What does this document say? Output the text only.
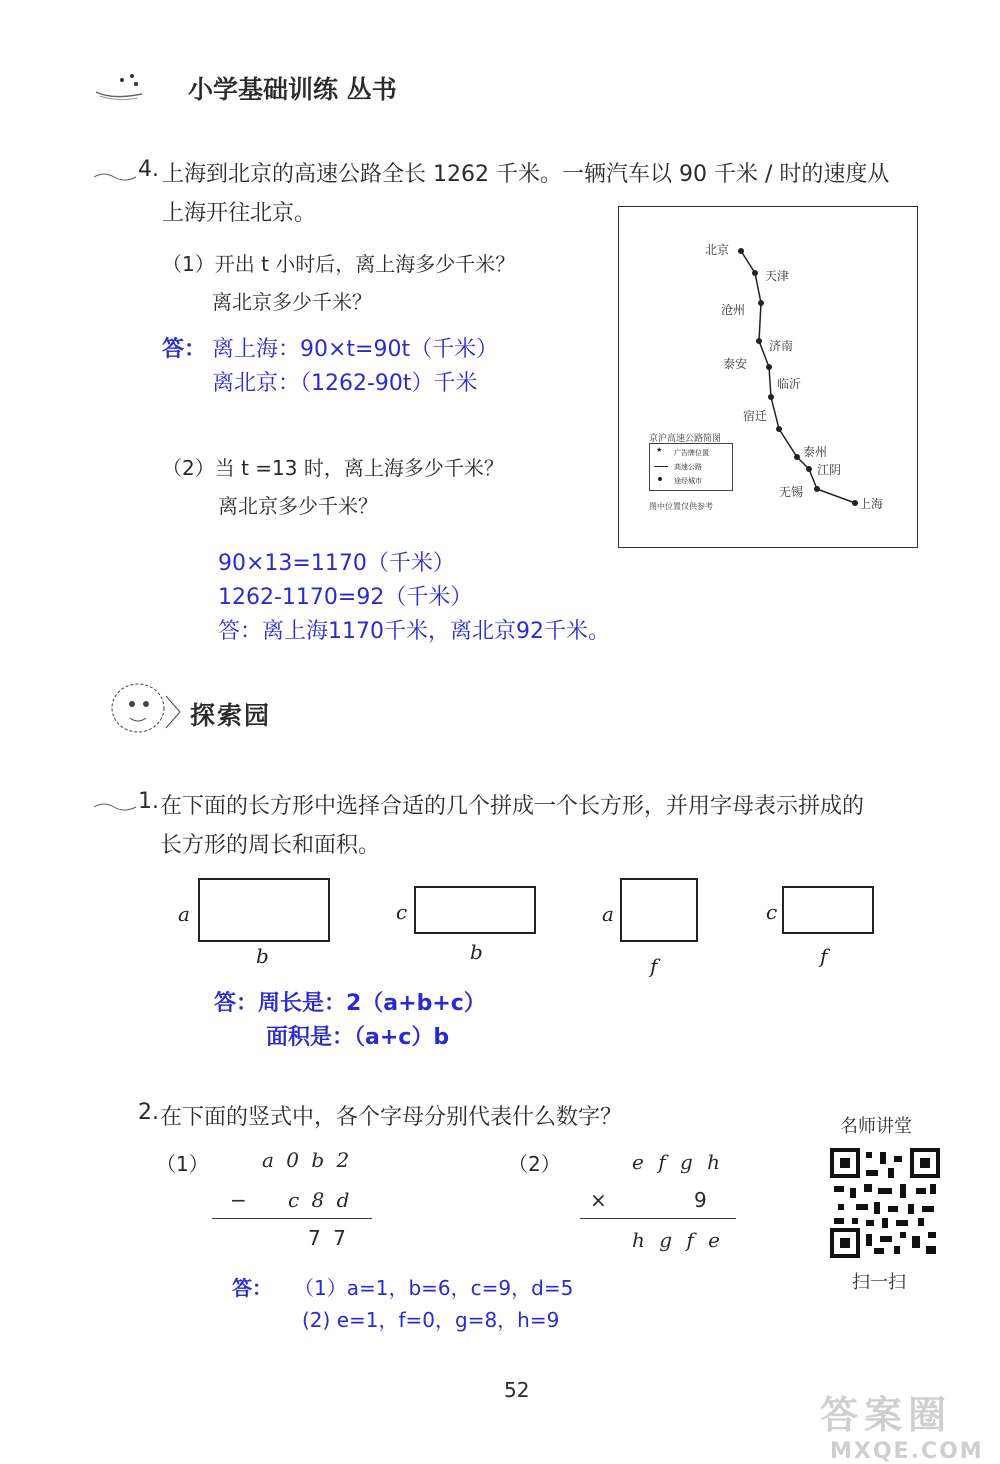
小学基础训练 丛书
4. 上海到北京的高速公路全长 1262 千米。一辆汽车以 90 千米 / 时的速度从
上海开往北京。
（1）开出 t 小时后，离上海多少千米？
离北京多少千米？
答： 离上海：90×t=90t（千米）
离北京：（1262-90t）千米
（2）当 t =13 时，离上海多少千米？
离北京多少千米？
90×13=1170（千米）
1262-1170=92（千米）
答：离上海1170千米，离北京92千米。
北京
天津
沧州
济南
泰安
临沂
宿迁
泰州
江阴
无锡
上海
京沪高速公路简图
广告牌位置
高速公路
途经城市
★
图中位置仅供参考
探索园
1. 在下面的长方形中选择合适的几个拼成一个长方形，并用字母表示拼成的
长方形的周长和面积。
a
b
c
b
a
f
c
f
答：周长是：2（a+b+c）
面积是：（a+c）b
2. 在下面的竖式中，各个字母分别代表什么数字？
（1）	a 0 b 2
− c 8 d
7 7
（2）	e f g h
×	9
h g f e
答： （1）a=1，b=6，c=9，d=5
(2) e=1，f=0，g=8，h=9
名师讲堂
扫一扫
52
答案圈
MXQE.COM
